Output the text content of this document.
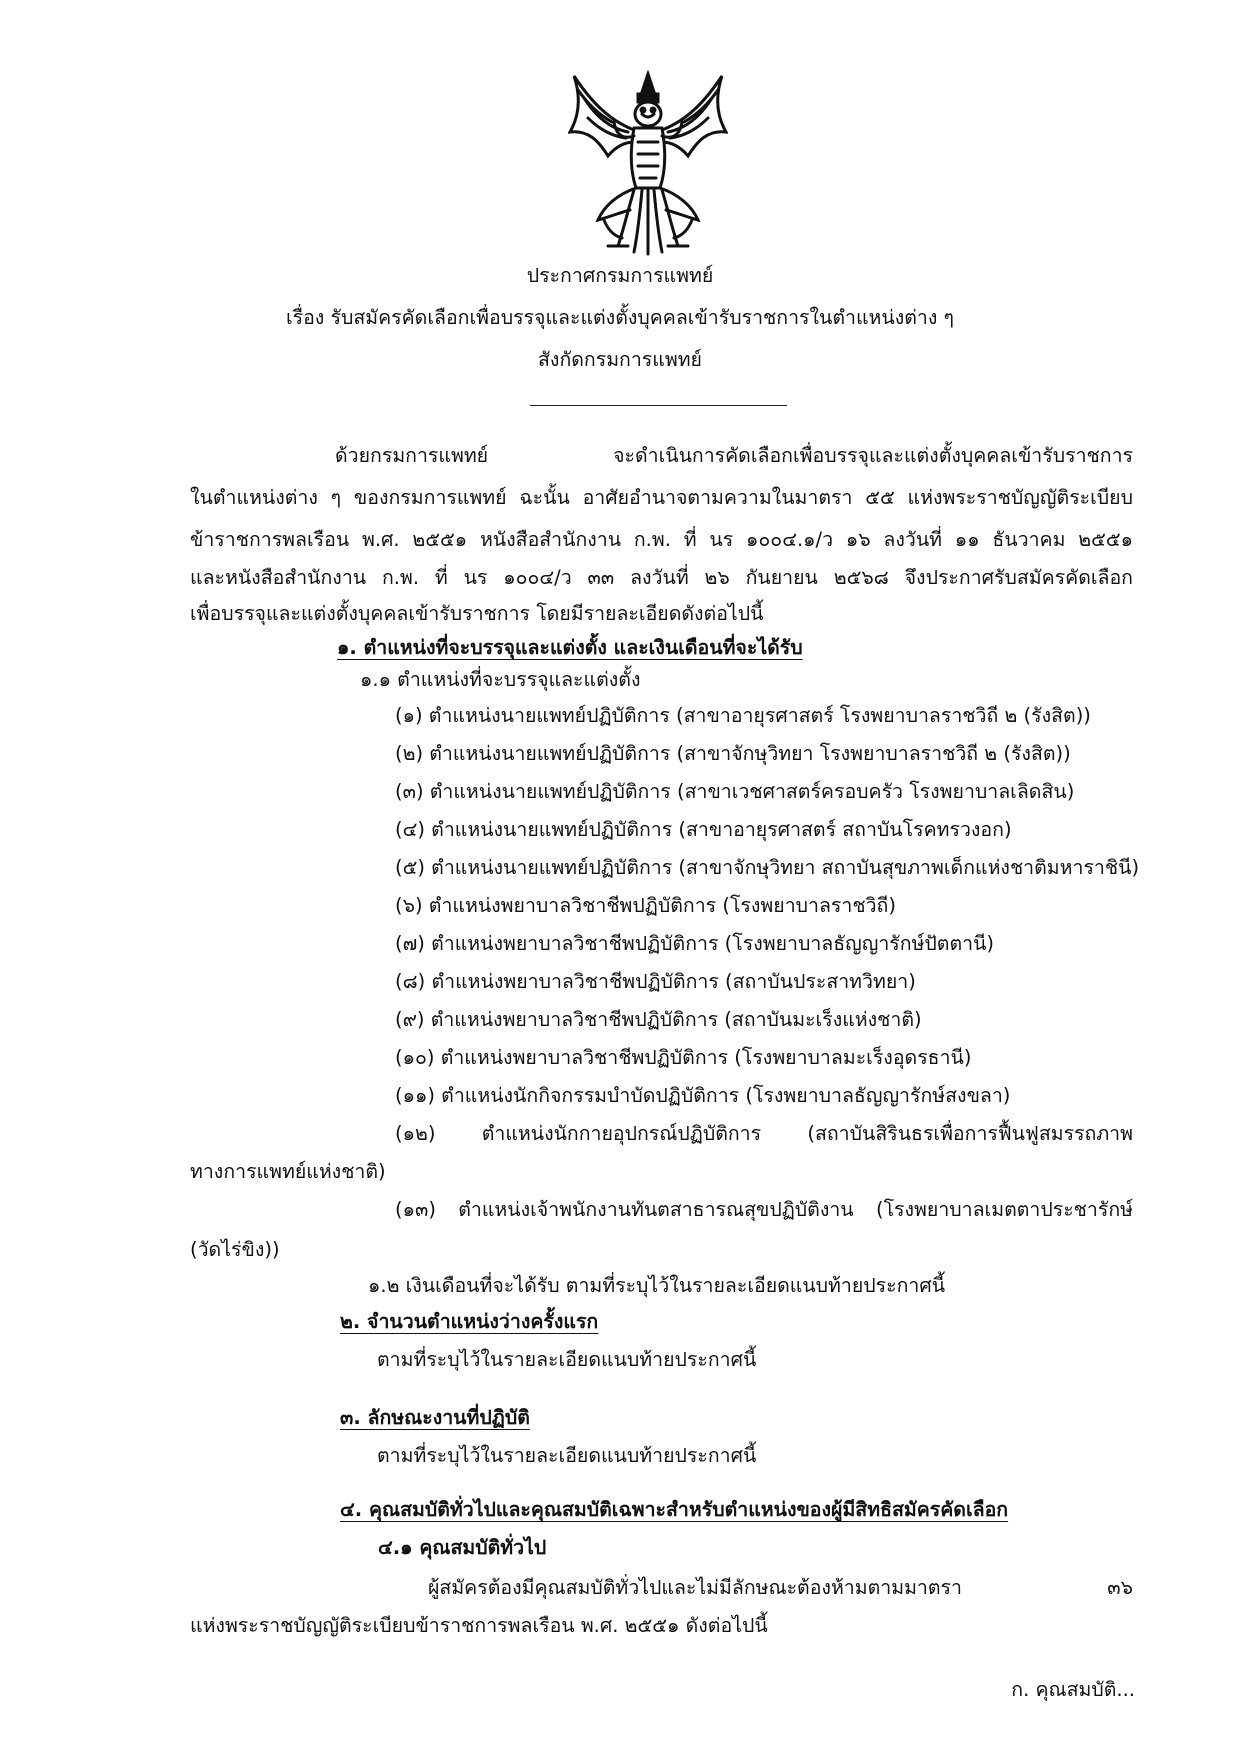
ประกาศกรมการแพทย์
เรื่อง รับสมัครคัดเลือกเพื่อบรรจุและแต่งตั้งบุคคลเข้ารับราชการในตำแหน่งต่าง ๆ
สังกัดกรมการแพทย์
ด้วยกรมการแพทย์ จะดำเนินการคัดเลือกเพื่อบรรจุและแต่งตั้งบุคคลเข้ารับราชการ
ในตำแหน่งต่าง ๆ ของกรมการแพทย์ ฉะนั้น อาศัยอำนาจตามความในมาตรา ๕๕ แห่งพระราชบัญญัติระเบียบ
ข้าราชการพลเรือน พ.ศ. ๒๕๕๑ หนังสือสำนักงาน ก.พ. ที่ นร ๑๐๐๔.๑/ว ๑๖ ลงวันที่ ๑๑ ธันวาคม ๒๕๕๑
และหนังสือสำนักงาน ก.พ. ที่ นร ๑๐๐๔/ว ๓๓ ลงวันที่ ๒๖ กันยายน ๒๕๖๘ จึงประกาศรับสมัครคัดเลือก
เพื่อบรรจุและแต่งตั้งบุคคลเข้ารับราชการ โดยมีรายละเอียดดังต่อไปนี้
๑. ตำแหน่งที่จะบรรจุและแต่งตั้ง และเงินเดือนที่จะได้รับ
๑.๑ ตำแหน่งที่จะบรรจุและแต่งตั้ง
(๑) ตำแหน่งนายแพทย์ปฏิบัติการ (สาขาอายุรศาสตร์ โรงพยาบาลราชวิถี ๒ (รังสิต))
(๒) ตำแหน่งนายแพทย์ปฏิบัติการ (สาขาจักษุวิทยา โรงพยาบาลราชวิถี ๒ (รังสิต))
(๓) ตำแหน่งนายแพทย์ปฏิบัติการ (สาขาเวชศาสตร์ครอบครัว โรงพยาบาลเลิดสิน)
(๔) ตำแหน่งนายแพทย์ปฏิบัติการ (สาขาอายุรศาสตร์ สถาบันโรคทรวงอก)
(๕) ตำแหน่งนายแพทย์ปฏิบัติการ (สาขาจักษุวิทยา สถาบันสุขภาพเด็กแห่งชาติมหาราชินี)
(๖) ตำแหน่งพยาบาลวิชาชีพปฏิบัติการ (โรงพยาบาลราชวิถี)
(๗) ตำแหน่งพยาบาลวิชาชีพปฏิบัติการ (โรงพยาบาลธัญญารักษ์ปัตตานี)
(๘) ตำแหน่งพยาบาลวิชาชีพปฏิบัติการ (สถาบันประสาทวิทยา)
(๙) ตำแหน่งพยาบาลวิชาชีพปฏิบัติการ (สถาบันมะเร็งแห่งชาติ)
(๑๐) ตำแหน่งพยาบาลวิชาชีพปฏิบัติการ (โรงพยาบาลมะเร็งอุดรธานี)
(๑๑) ตำแหน่งนักกิจกรรมบำบัดปฏิบัติการ (โรงพยาบาลธัญญารักษ์สงขลา)
(๑๒) ตำแหน่งนักกายอุปกรณ์ปฏิบัติการ (สถาบันสิรินธรเพื่อการฟื้นฟูสมรรถภาพ
ทางการแพทย์แห่งชาติ)
(๑๓) ตำแหน่งเจ้าพนักงานทันตสาธารณสุขปฏิบัติงาน (โรงพยาบาลเมตตาประชารักษ์
(วัดไร่ขิง))
๑.๒ เงินเดือนที่จะได้รับ ตามที่ระบุไว้ในรายละเอียดแนบท้ายประกาศนี้
๒. จำนวนตำแหน่งว่างครั้งแรก
ตามที่ระบุไว้ในรายละเอียดแนบท้ายประกาศนี้
๓. ลักษณะงานที่ปฏิบัติ
ตามที่ระบุไว้ในรายละเอียดแนบท้ายประกาศนี้
๔. คุณสมบัติทั่วไปและคุณสมบัติเฉพาะสำหรับตำแหน่งของผู้มีสิทธิสมัครคัดเลือก
๔.๑ คุณสมบัติทั่วไป
ผู้สมัครต้องมีคุณสมบัติทั่วไปและไม่มีลักษณะต้องห้ามตามมาตรา ๓๖
แห่งพระราชบัญญัติระเบียบข้าราชการพลเรือน พ.ศ. ๒๕๕๑ ดังต่อไปนี้
ก. คุณสมบัติ...
